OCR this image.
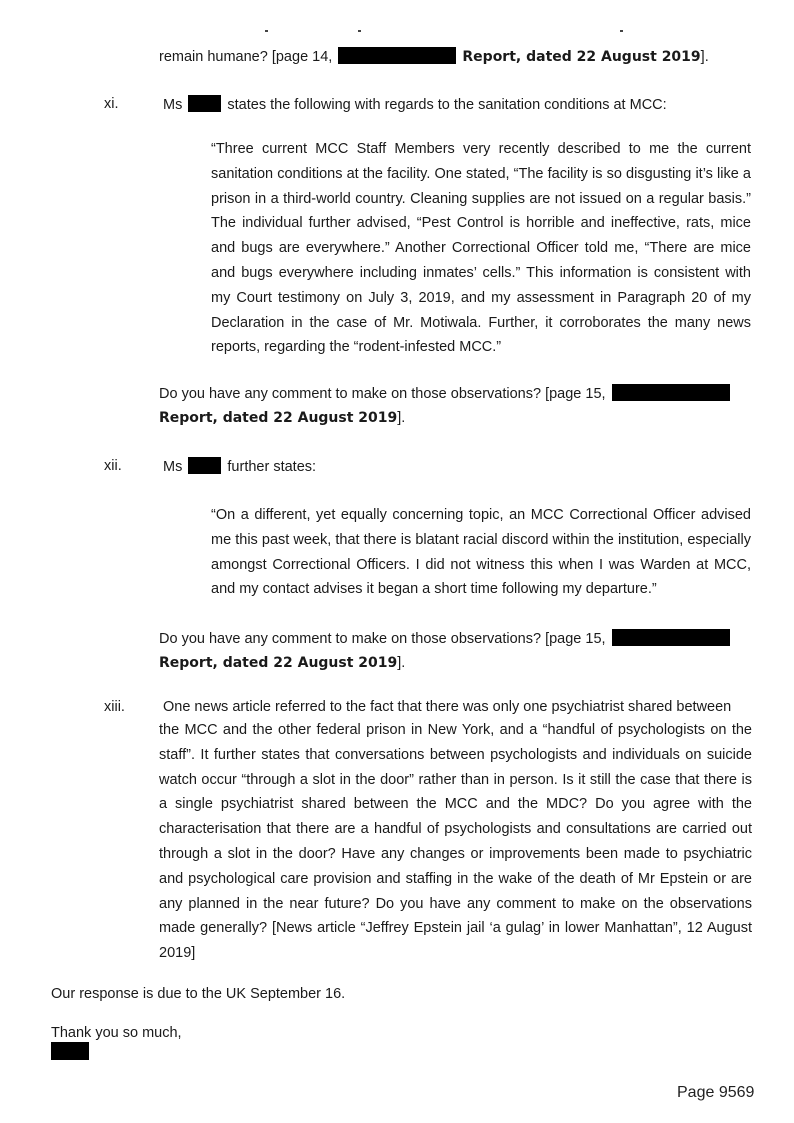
remain humane? [page 14,	Report, dated 22 August 2019].
xi.	Ms	states the following with regards to the sanitation conditions at MCC:

“Three current MCC Staff Members very recently described to me the current sanitation conditions at the facility. One stated, “The facility is so disgusting it’s like a prison in a third-world country. Cleaning supplies are not issued on a regular basis.” The individual further advised, “Pest Control is horrible and ineffective, rats, mice and bugs are everywhere.” Another Correctional Officer told me, “There are mice and bugs everywhere including inmates’ cells.” This information is consistent with my Court testimony on July 3, 2019, and my assessment in Paragraph 20 of my Declaration in the case of Mr. Motiwala. Further, it corroborates the many news reports, regarding the “rodent-infested MCC.”

Do you have any comment to make on those observations? [page 15,
Report, dated 22 August 2019].
xii.	Ms	further states:

“On a different, yet equally concerning topic, an MCC Correctional Officer advised me this past week, that there is blatant racial discord within the institution, especially amongst Correctional Officers. I did not witness this when I was Warden at MCC, and my contact advises it began a short time following my departure.”

Do you have any comment to make on those observations? [page 15,
Report, dated 22 August 2019].
xiii.	One news article referred to the fact that there was only one psychiatrist shared between

the MCC and the other federal prison in New York, and a “handful of psychologists on the staff”. It further states that conversations between psychologists and individuals on suicide watch occur “through a slot in the door” rather than in person. Is it still the case that there is a single psychiatrist shared between the MCC and the MDC? Do you agree with the characterisation that there are a handful of psychologists and consultations are carried out through a slot in the door? Have any changes or improvements been made to psychiatric and psychological care provision and staffing in the wake of the death of Mr Epstein or are any planned in the near future? Do you have any comment to make on the observations made generally? [News article “Jeffrey Epstein jail ‘a gulag’ in lower Manhattan”, 12 August 2019]

Our response is due to the UK September 16.
Thank you so much,
Page 9569
